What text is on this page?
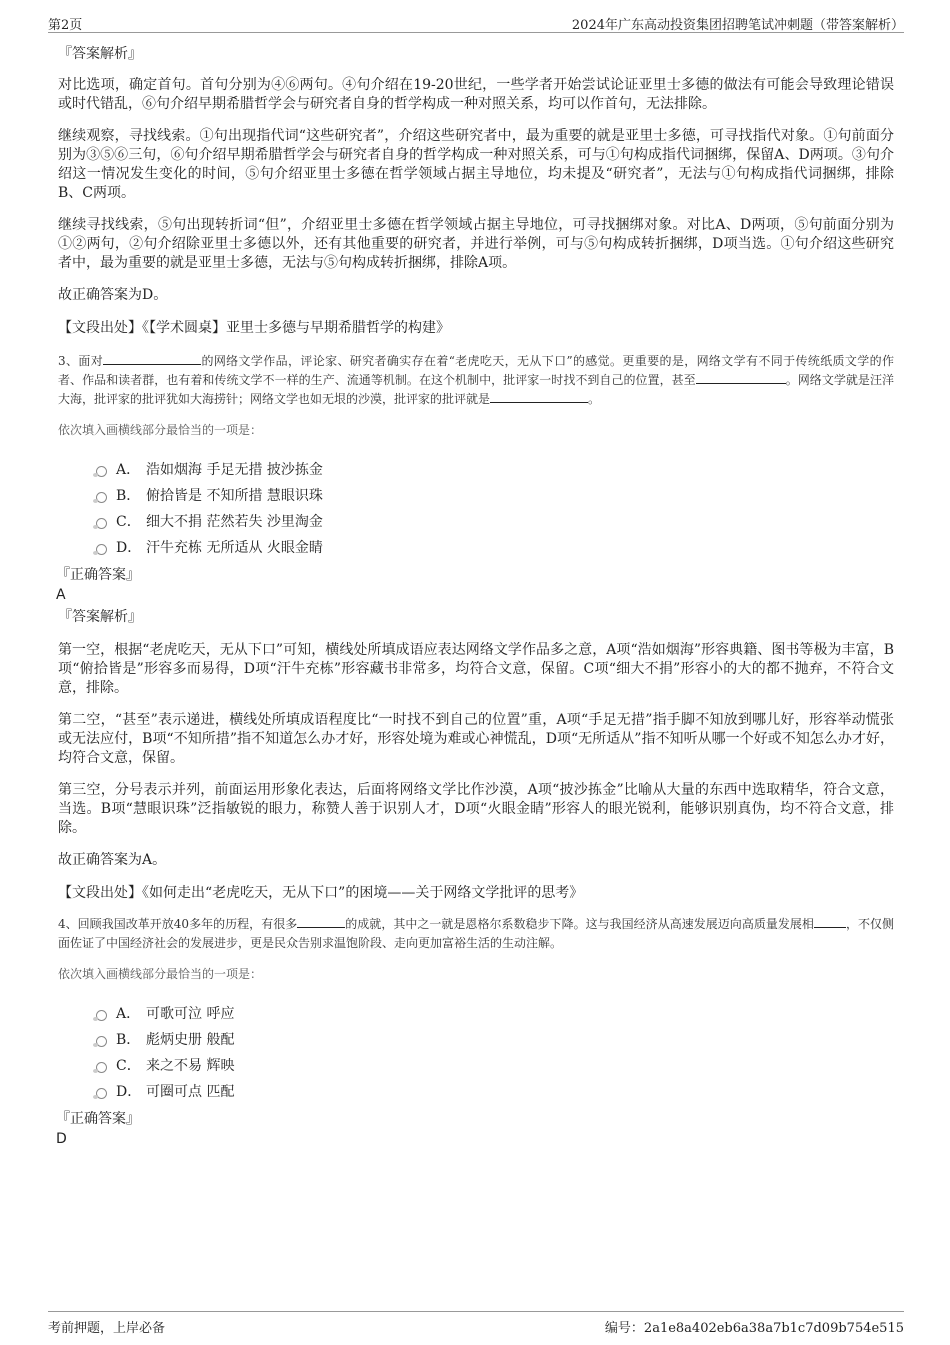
第2页	2024年广东高动投资集团招聘笔试冲刺题（带答案解析）
『答案解析』

对比选项，确定首句。首句分别为④⑥两句。④句介绍在19-20世纪，一些学者开始尝试论证亚里士多德的做法有可能会导致理论错误或时代错乱，⑥句介绍早期希腊哲学会与研究者自身的哲学构成一种对照关系，均可以作首句，无法排除。

继续观察，寻找线索。①句出现指代词“这些研究者”，介绍这些研究者中，最为重要的就是亚里士多德，可寻找指代对象。①句前面分别为③⑤⑥三句，⑥句介绍早期希腊哲学会与研究者自身的哲学构成一种对照关系，可与①句构成指代词捆绑，保留A、D两项。③句介绍这一情况发生变化的时间，⑤句介绍亚里士多德在哲学领域占据主导地位，均未提及“研究者”，无法与①句构成指代词捆绑，排除B、C两项。

继续寻找线索，⑤句出现转折词“但”，介绍亚里士多德在哲学领域占据主导地位，可寻找捆绑对象。对比A、D两项，⑤句前面分别为①②两句，②句介绍除亚里士多德以外，还有其他重要的研究者，并进行举例，可与⑤句构成转折捆绑，D项当选。①句介绍这些研究者中，最为重要的就是亚里士多德，无法与⑤句构成转折捆绑，排除A项。

故正确答案为D。

【文段出处】《【学术圆桌】亚里士多德与早期希腊哲学的构建》

3、面对	的网络文学作品，评论家、研究者确实存在着“老虎吃天，无从下口”的感觉。更重要的是，网络文学有不同于传统纸质文学的作者、作品和读者群，也有着和传统文学不一样的生产、流通等机制。在这个机制中，批评家一时找不到自己的位置，甚至	。网络文学就是汪洋大海，批评家的批评犹如大海捞针；网络文学也如无垠的沙漠，批评家的批评就是	。

依次填入画横线部分最恰当的一项是：

A． 浩如烟海 手足无措 披沙拣金
B． 俯拾皆是 不知所措 慧眼识珠
C． 细大不捐 茫然若失 沙里淘金
D． 汗牛充栋 无所适从 火眼金睛
『正确答案』
A
『答案解析』

第一空，根据“老虎吃天，无从下口”可知，横线处所填成语应表达网络文学作品多之意，A项“浩如烟海”形容典籍、图书等极为丰富，B项“俯拾皆是”形容多而易得，D项“汗牛充栋”形容藏书非常多，均符合文意，保留。C项“细大不捐”形容小的大的都不抛弃，不符合文意，排除。

第二空，“甚至”表示递进，横线处所填成语程度比“一时找不到自己的位置”重，A项“手足无措”指手脚不知放到哪儿好，形容举动慌张或无法应付，B项“不知所措”指不知道怎么办才好，形容处境为难或心神慌乱，D项“无所适从”指不知听从哪一个好或不知怎么办才好，均符合文意，保留。

第三空，分号表示并列，前面运用形象化表达，后面将网络文学比作沙漠，A项“披沙拣金”比喻从大量的东西中选取精华，符合文意，当选。B项“慧眼识珠”泛指敏锐的眼力，称赞人善于识别人才，D项“火眼金睛”形容人的眼光锐利，能够识别真伪，均不符合文意，排除。

故正确答案为A。

【文段出处】《如何走出“老虎吃天，无从下口”的困境——关于网络文学批评的思考》

4、回顾我国改革开放40多年的历程，有很多	的成就，其中之一就是恩格尔系数稳步下降。这与我国经济从高速发展迈向高质量发展相	，不仅侧面佐证了中国经济社会的发展进步，更是民众告别求温饱阶段、走向更加富裕生活的生动注解。

依次填入画横线部分最恰当的一项是：

A． 可歌可泣 呼应
B． 彪炳史册 般配
C． 来之不易 辉映
D． 可圈可点 匹配
『正确答案』
D
考前押题，上岸必备	编号：2a1e8a402eb6a38a7b1c7d09b754e515
